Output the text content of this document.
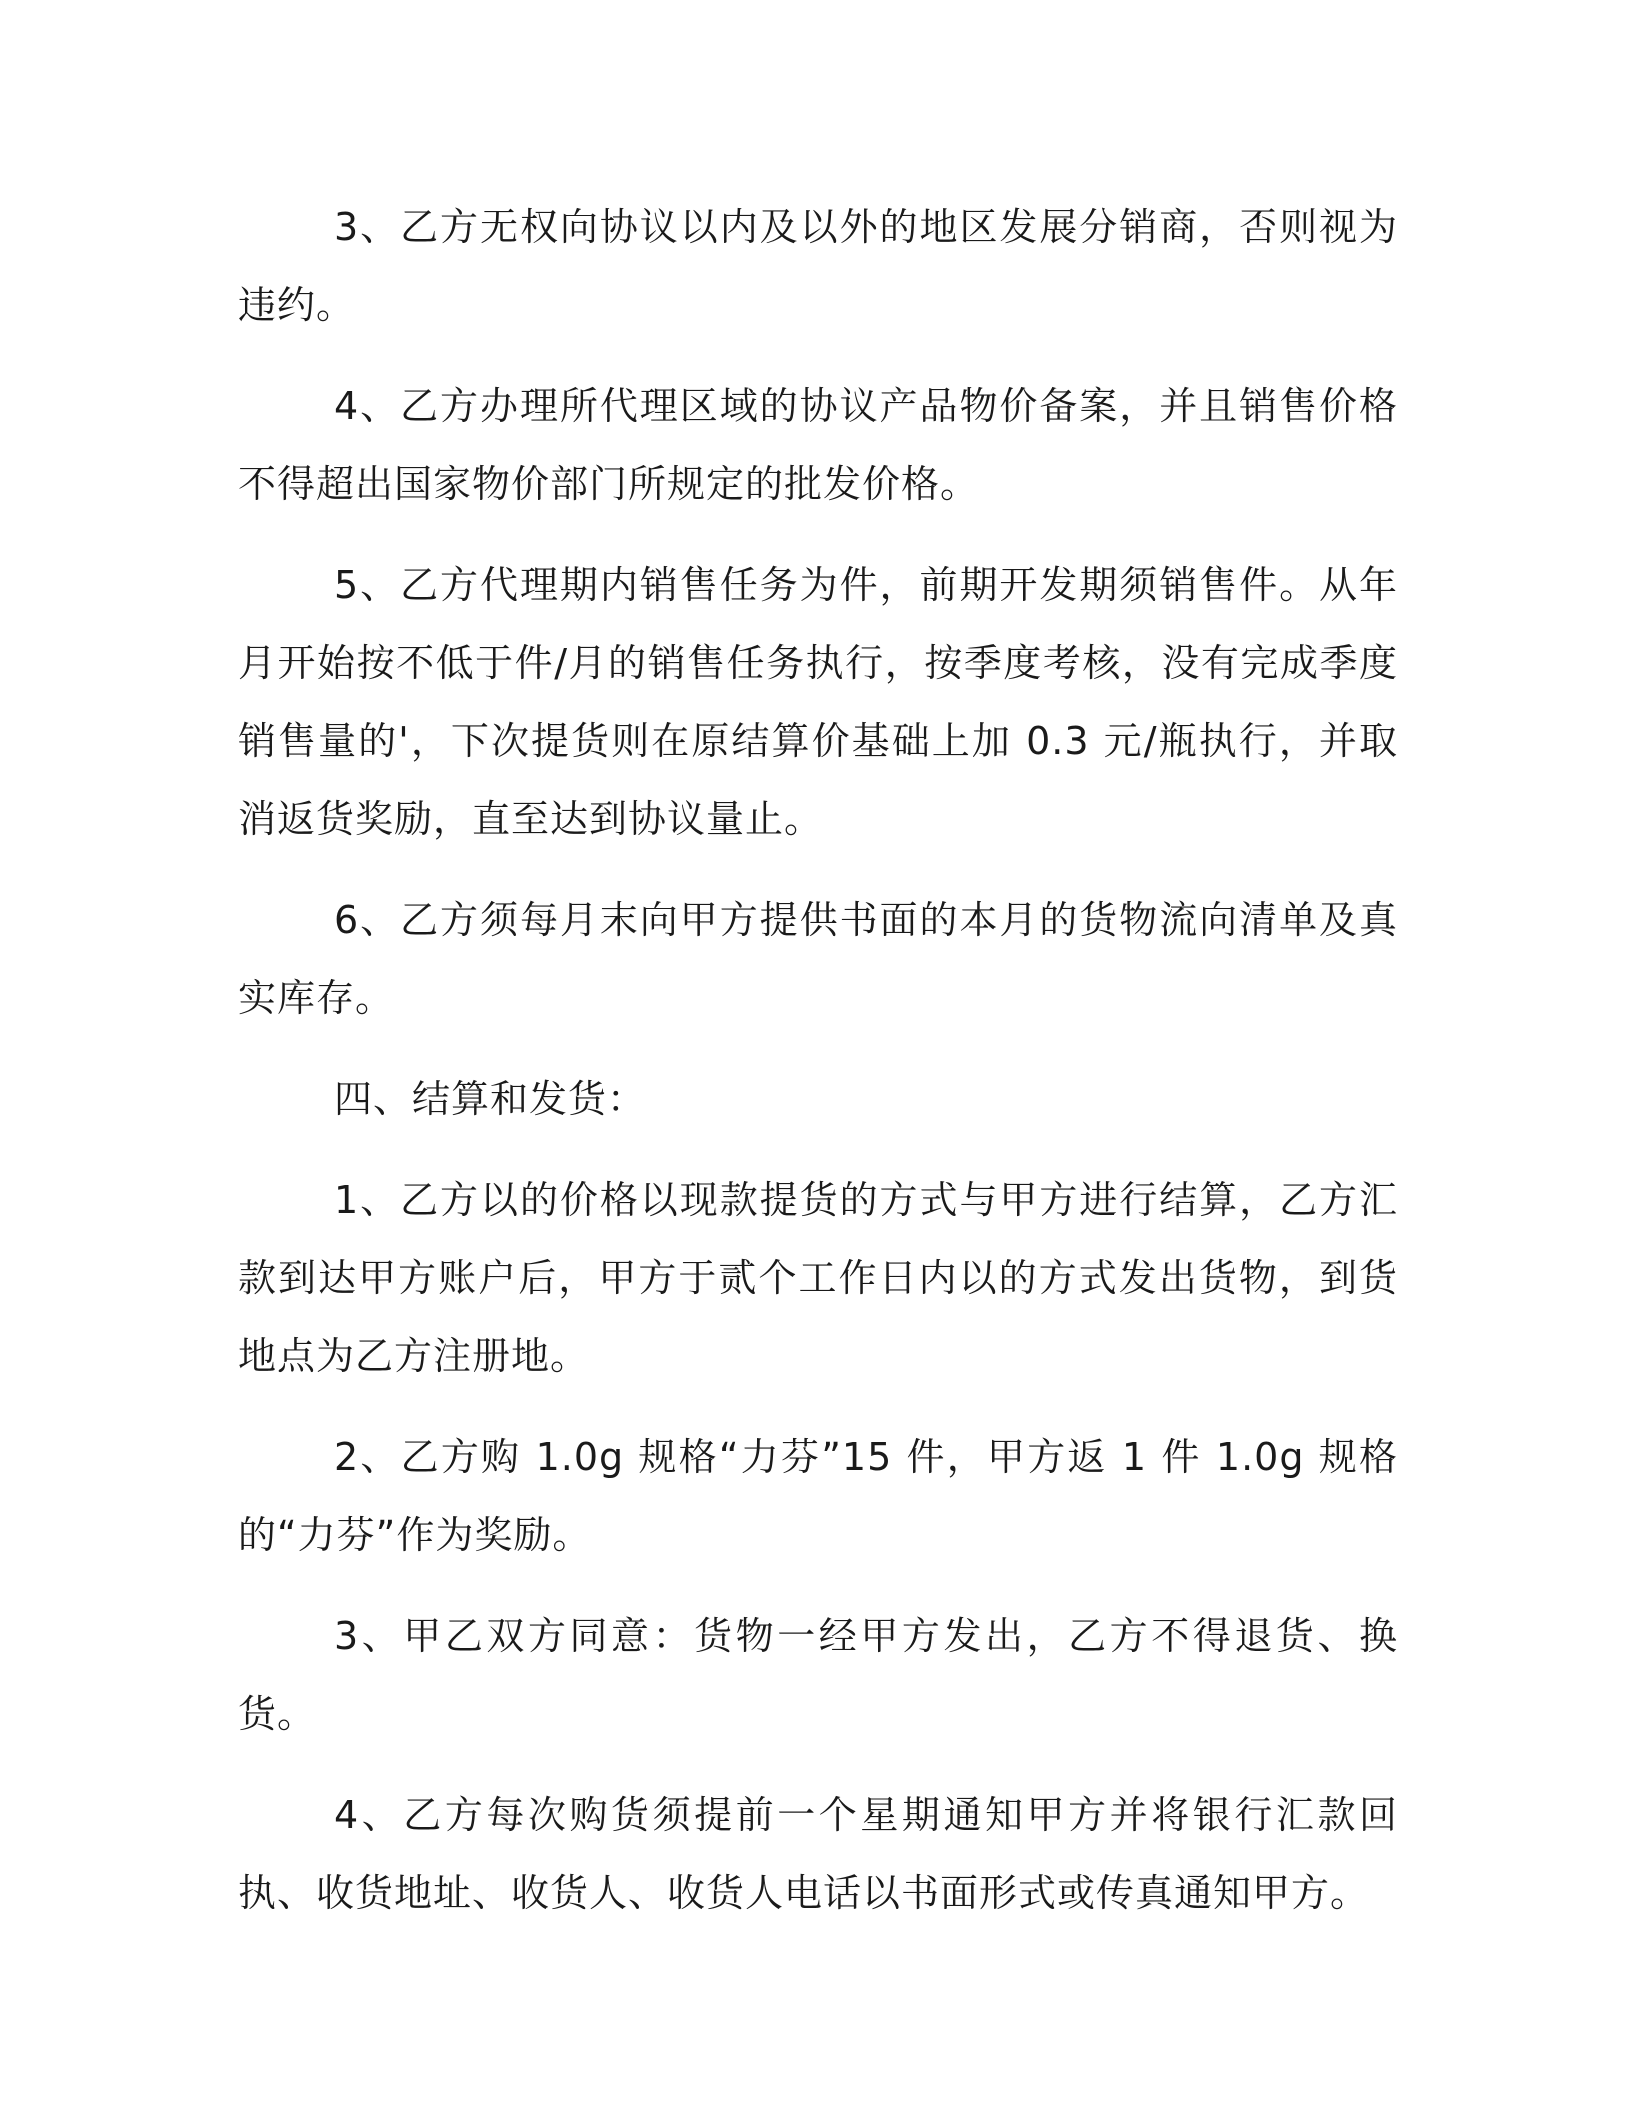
3、乙方无权向协议以内及以外的地区发展分销商，否则视为违约。

4、乙方办理所代理区域的协议产品物价备案，并且销售价格不得超出国家物价部门所规定的批发价格。

5、乙方代理期内销售任务为件，前期开发期须销售件。从年月开始按不低于件/月的销售任务执行，按季度考核，没有完成季度销售量的'，下次提货则在原结算价基础上加 0.3 元/瓶执行，并取消返货奖励，直至达到协议量止。

6、乙方须每月末向甲方提供书面的本月的货物流向清单及真实库存。

四、结算和发货：

1、乙方以的价格以现款提货的方式与甲方进行结算，乙方汇款到达甲方账户后，甲方于贰个工作日内以的方式发出货物，到货地点为乙方注册地。

2、乙方购 1.0g 规格“力芬”15 件，甲方返 1 件 1.0g 规格的“力芬”作为奖励。

3、甲乙双方同意：货物一经甲方发出，乙方不得退货、换货。

4、乙方每次购货须提前一个星期通知甲方并将银行汇款回执、收货地址、收货人、收货人电话以书面形式或传真通知甲方。
